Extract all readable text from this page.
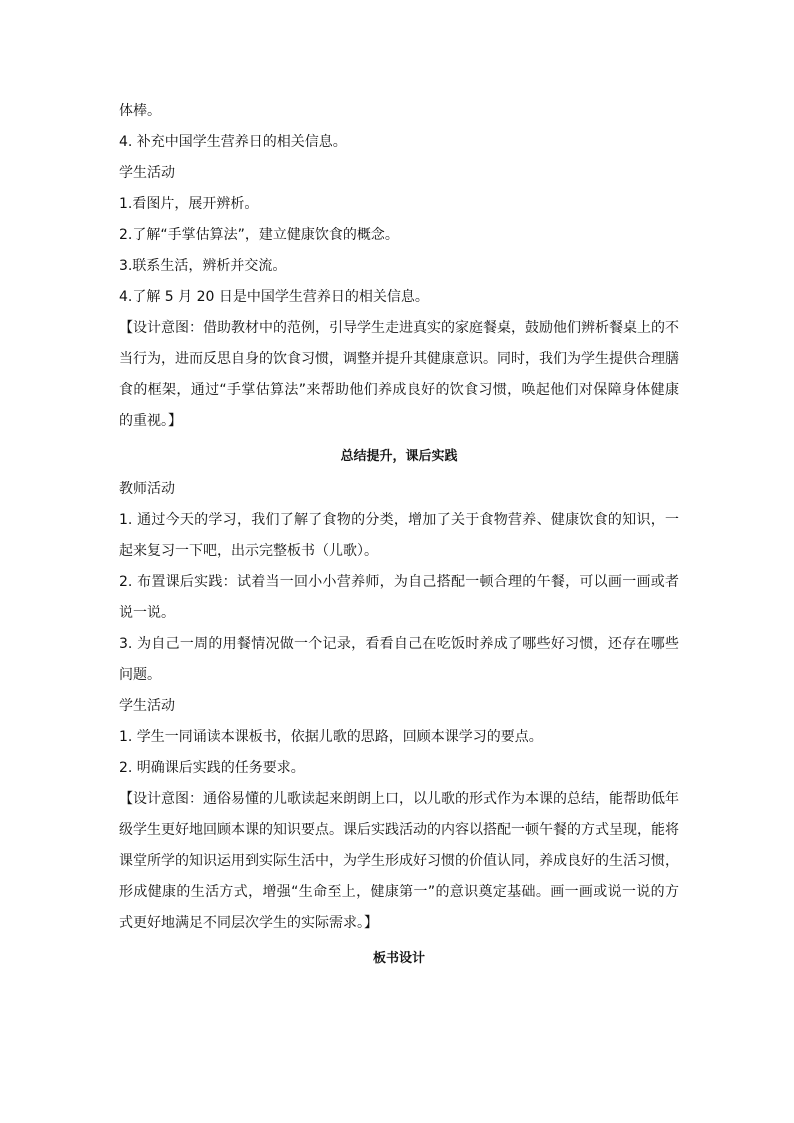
体棒。
4. 补充中国学生营养日的相关信息。
学生活动
1.看图片，展开辨析。
2.了解“手掌估算法”，建立健康饮食的概念。
3.联系生活，辨析并交流。
4.了解 5 月 20 日是中国学生营养日的相关信息。
【设计意图：借助教材中的范例，引导学生走进真实的家庭餐桌，鼓励他们辨析餐桌上的不当行为，进而反思自身的饮食习惯，调整并提升其健康意识。同时，我们为学生提供合理膳食的框架，通过“手掌估算法”来帮助他们养成良好的饮食习惯，唤起他们对保障身体健康的重视。】
总结提升，课后实践
教师活动
1. 通过今天的学习，我们了解了食物的分类，增加了关于食物营养、健康饮食的知识，一起来复习一下吧，出示完整板书（儿歌）。
2. 布置课后实践：试着当一回小小营养师，为自己搭配一顿合理的午餐，可以画一画或者说一说。
3. 为自己一周的用餐情况做一个记录，看看自己在吃饭时养成了哪些好习惯，还存在哪些问题。
学生活动
1. 学生一同诵读本课板书，依据儿歌的思路，回顾本课学习的要点。
2. 明确课后实践的任务要求。
【设计意图：通俗易懂的儿歌读起来朗朗上口，以儿歌的形式作为本课的总结，能帮助低年级学生更好地回顾本课的知识要点。课后实践活动的内容以搭配一顿午餐的方式呈现，能将课堂所学的知识运用到实际生活中，为学生形成好习惯的价值认同，养成良好的生活习惯，形成健康的生活方式，增强“生命至上，健康第一”的意识奠定基础。画一画或说一说的方式更好地满足不同层次学生的实际需求。】
板书设计
